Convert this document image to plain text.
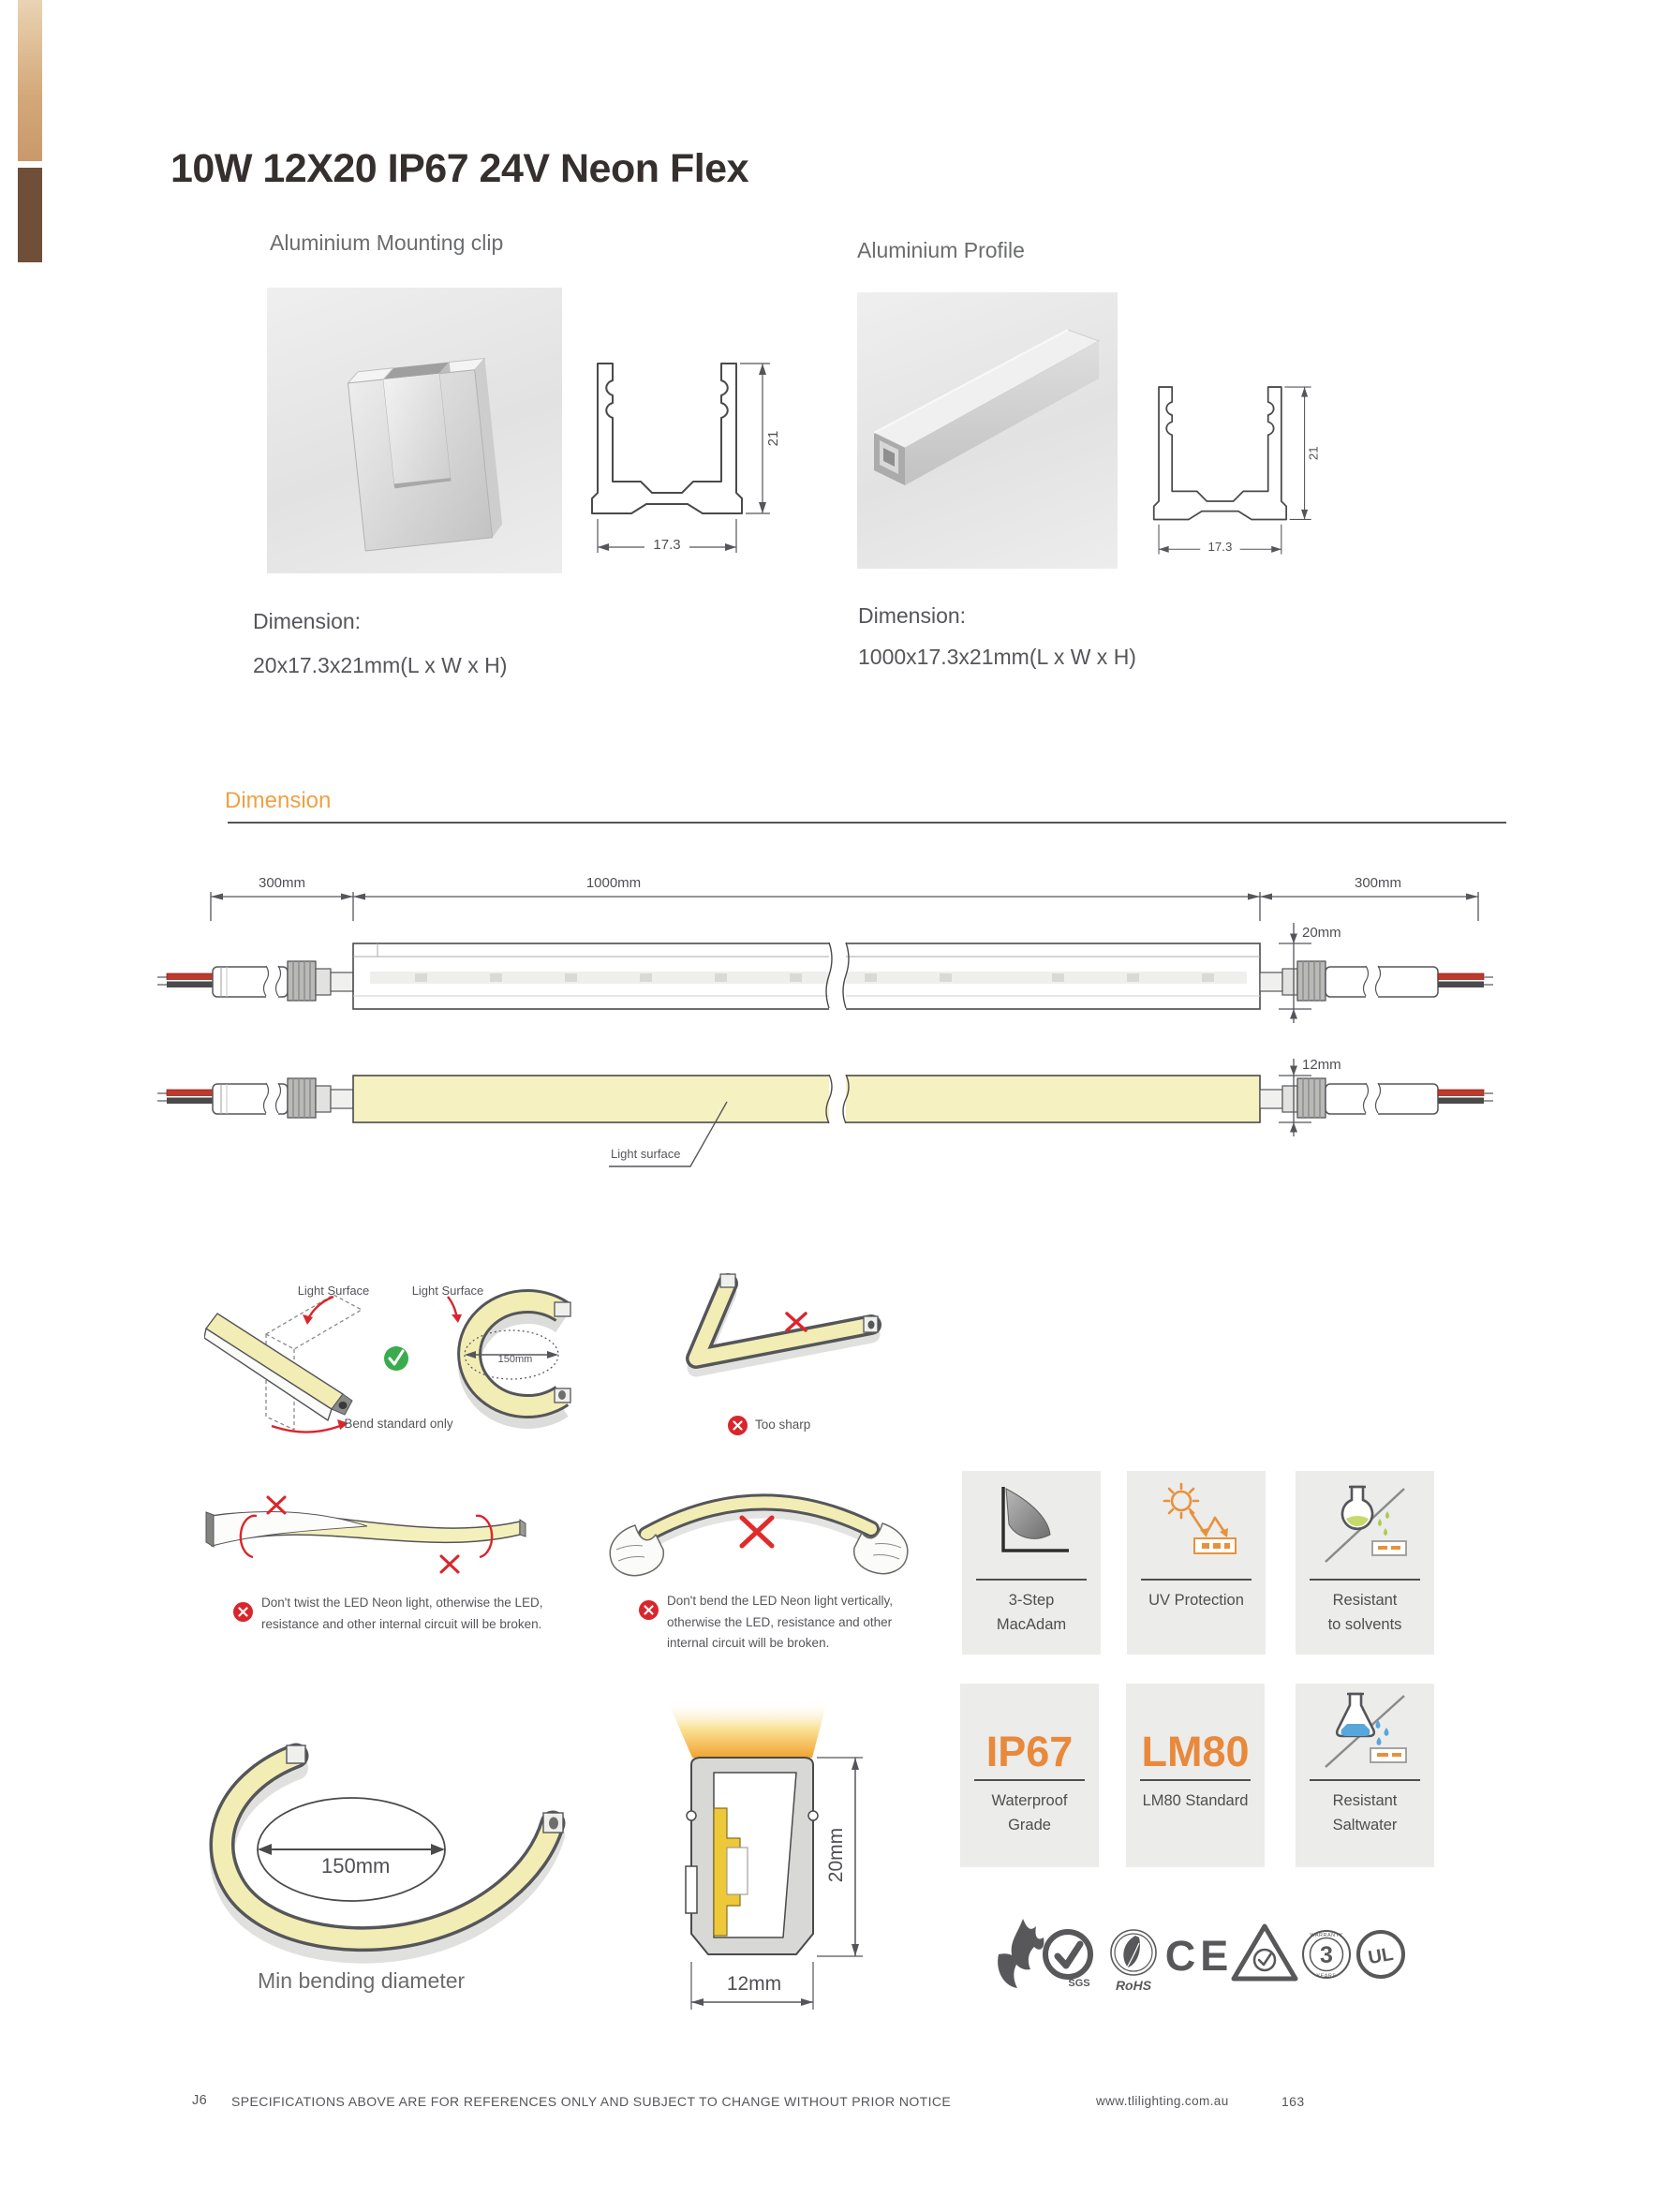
10W 12X20 IP67 24V Neon Flex
Aluminium Mounting clip
17.3
21
Dimension:
20x17.3x21mm(L x W x H)
Aluminium Profile
17.3
21
Dimension:
1000x17.3x21mm(L x W x H)
Dimension
300mm	1000mm	300mm
20mm
12mm
Light surface
Light Surface	Light Surface
150mm
Bend standard only	Too sharp
Don't twist the LED Neon light, otherwise the LED,
resistance and other internal circuit will be broken.
Don't bend the LED Neon light vertically,
otherwise the LED, resistance and other
internal circuit will be broken.
3-Step
MacAdam
UV Protection	Resistant
to solvents
IP67
Waterproof
Grade
LM80
LM80 Standard	Resistant
Saltwater
150mm
Min bending diameter
20mm
12mm	SGS RoHS
CE	WARRANTY
3
YEARS
UL
J6 SPECIFICATIONS ABOVE ARE FOR REFERENCES ONLY AND SUBJECT TO CHANGE WITHOUT PRIOR NOTICE	www.tlilighting.com.au	163
